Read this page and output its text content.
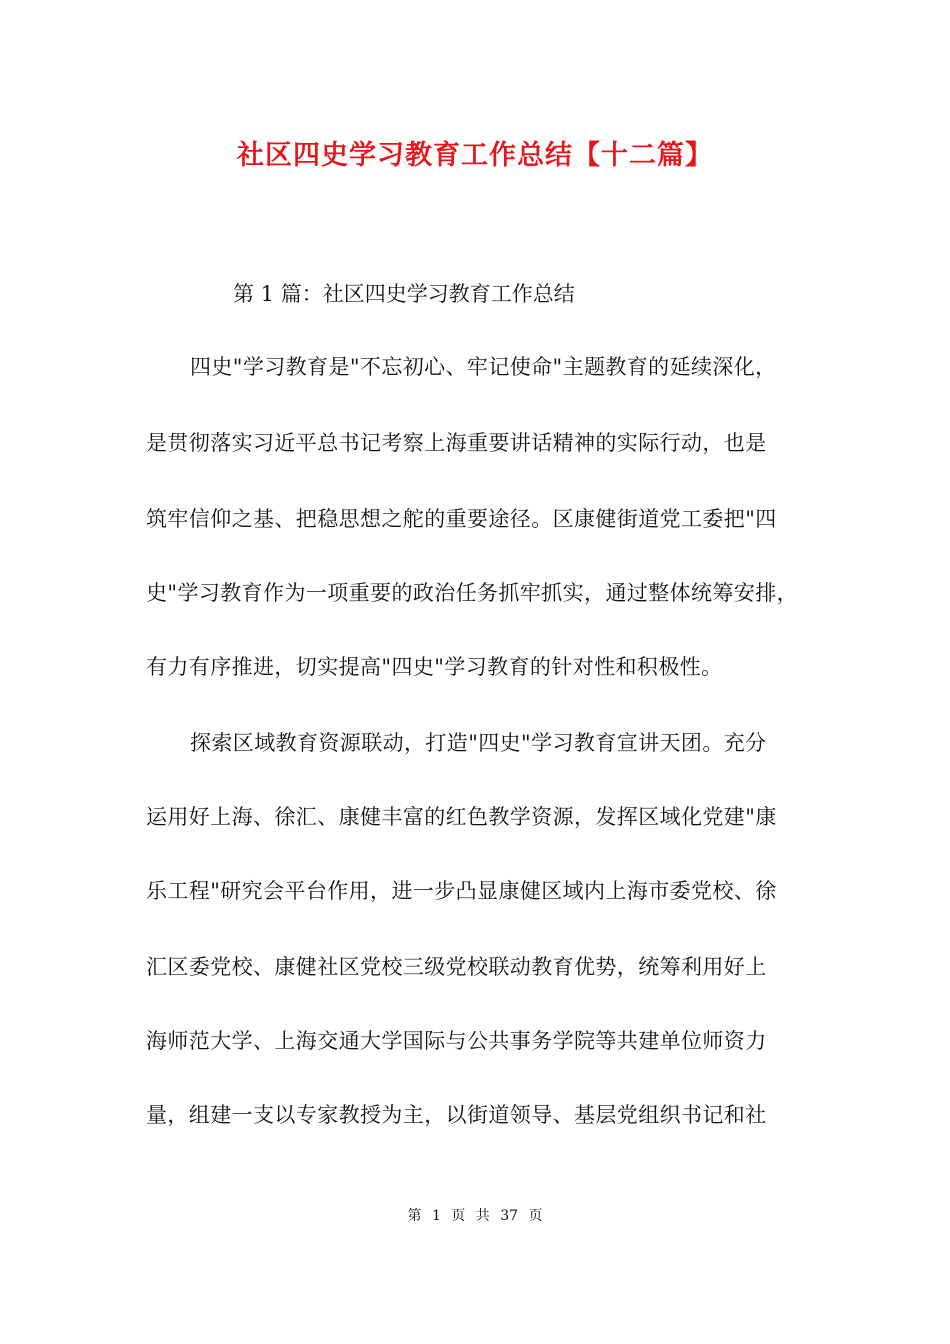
社区四史学习教育工作总结【十二篇】
第 1 篇：社区四史学习教育工作总结
四史"学习教育是"不忘初心、牢记使命"主题教育的延续深化，
是贯彻落实习近平总书记考察上海重要讲话精神的实际行动，也是
筑牢信仰之基、把稳思想之舵的重要途径。区康健街道党工委把"四
史"学习教育作为一项重要的政治任务抓牢抓实，通过整体统筹安排，
有力有序推进，切实提高"四史"学习教育的针对性和积极性。
探索区域教育资源联动，打造"四史"学习教育宣讲天团。充分
运用好上海、徐汇、康健丰富的红色教学资源，发挥区域化党建"康
乐工程"研究会平台作用，进一步凸显康健区域内上海市委党校、徐
汇区委党校、康健社区党校三级党校联动教育优势，统筹利用好上
海师范大学、上海交通大学国际与公共事务学院等共建单位师资力
量，组建一支以专家教授为主，以街道领导、基层党组织书记和社
第 1 页 共 37 页
